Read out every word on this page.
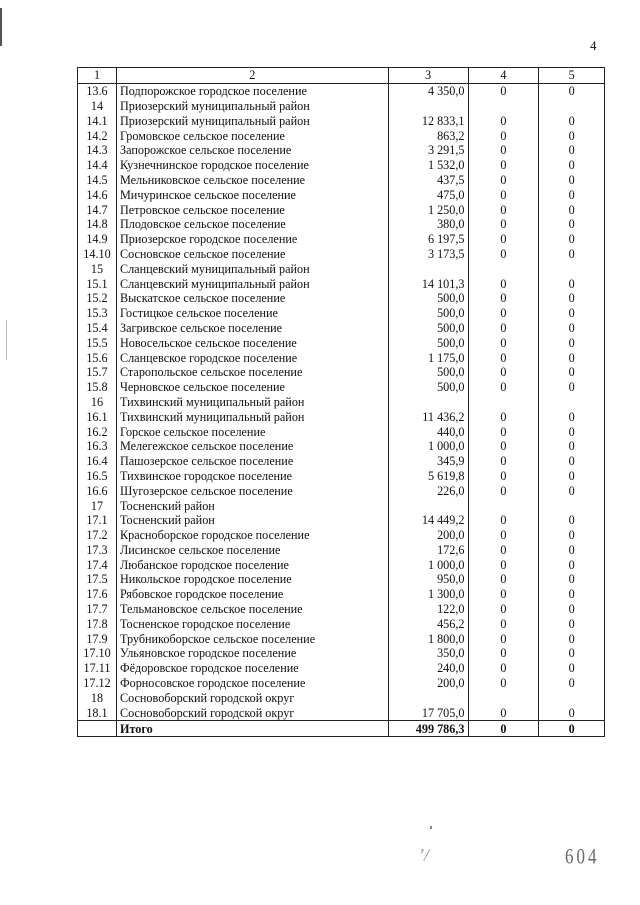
4
1	2	3	4	5
13.6	Подпорожское городское поселение	4 350,0	0	0
14	Приозерский муниципальный район			
14.1	Приозерский муниципальный район	12 833,1	0	0
14.2	Громовское сельское поселение	863,2	0	0
14.3	Запорожское сельское поселение	3 291,5	0	0
14.4	Кузнечнинское городское поселение	1 532,0	0	0
14.5	Мельниковское сельское поселение	437,5	0	0
14.6	Мичуринское сельское поселение	475,0	0	0
14.7	Петровское сельское поселение	1 250,0	0	0
14.8	Плодовское сельское поселение	380,0	0	0
14.9	Приозерское городское поселение	6 197,5	0	0
14.10	Сосновское сельское поселение	3 173,5	0	0
15	Сланцевский муниципальный район			
15.1	Сланцевский муниципальный район	14 101,3	0	0
15.2	Выскатское сельское поселение	500,0	0	0
15.3	Гостицкое сельское поселение	500,0	0	0
15.4	Загривское сельское поселение	500,0	0	0
15.5	Новосельское сельское поселение	500,0	0	0
15.6	Сланцевское городское поселение	1 175,0	0	0
15.7	Старопольское сельское поселение	500,0	0	0
15.8	Черновское сельское поселение	500,0	0	0
16	Тихвинский муниципальный район			
16.1	Тихвинский муниципальный район	11 436,2	0	0
16.2	Горское сельское поселение	440,0	0	0
16.3	Мелегежское сельское поселение	1 000,0	0	0
16.4	Пашозерское сельское поселение	345,9	0	0
16.5	Тихвинское городское поселение	5 619,8	0	0
16.6	Шугозерское сельское поселение	226,0	0	0
17	Тосненский район			
17.1	Тосненский район	14 449,2	0	0
17.2	Красноборское городское поселение	200,0	0	0
17.3	Лисинское сельское поселение	172,6	0	0
17.4	Любанское городское поселение	1 000,0	0	0
17.5	Никольское городское поселение	950,0	0	0
17.6	Рябовское городское поселение	1 300,0	0	0
17.7	Тельмановское сельское поселение	122,0	0	0
17.8	Тосненское городское поселение	456,2	0	0
17.9	Трубникоборское сельское поселение	1 800,0	0	0
17.10	Ульяновское городское поселение	350,0	0	0
17.11	Фёдоровское городское поселение	240,0	0	0
17.12	Форносовское городское поселение	200,0	0	0
18	Сосновоборский городской округ			
18.1	Сосновоборский городской округ	17 705,0	0	0
	Итого	499 786,3	0	0
ʼ/	604
